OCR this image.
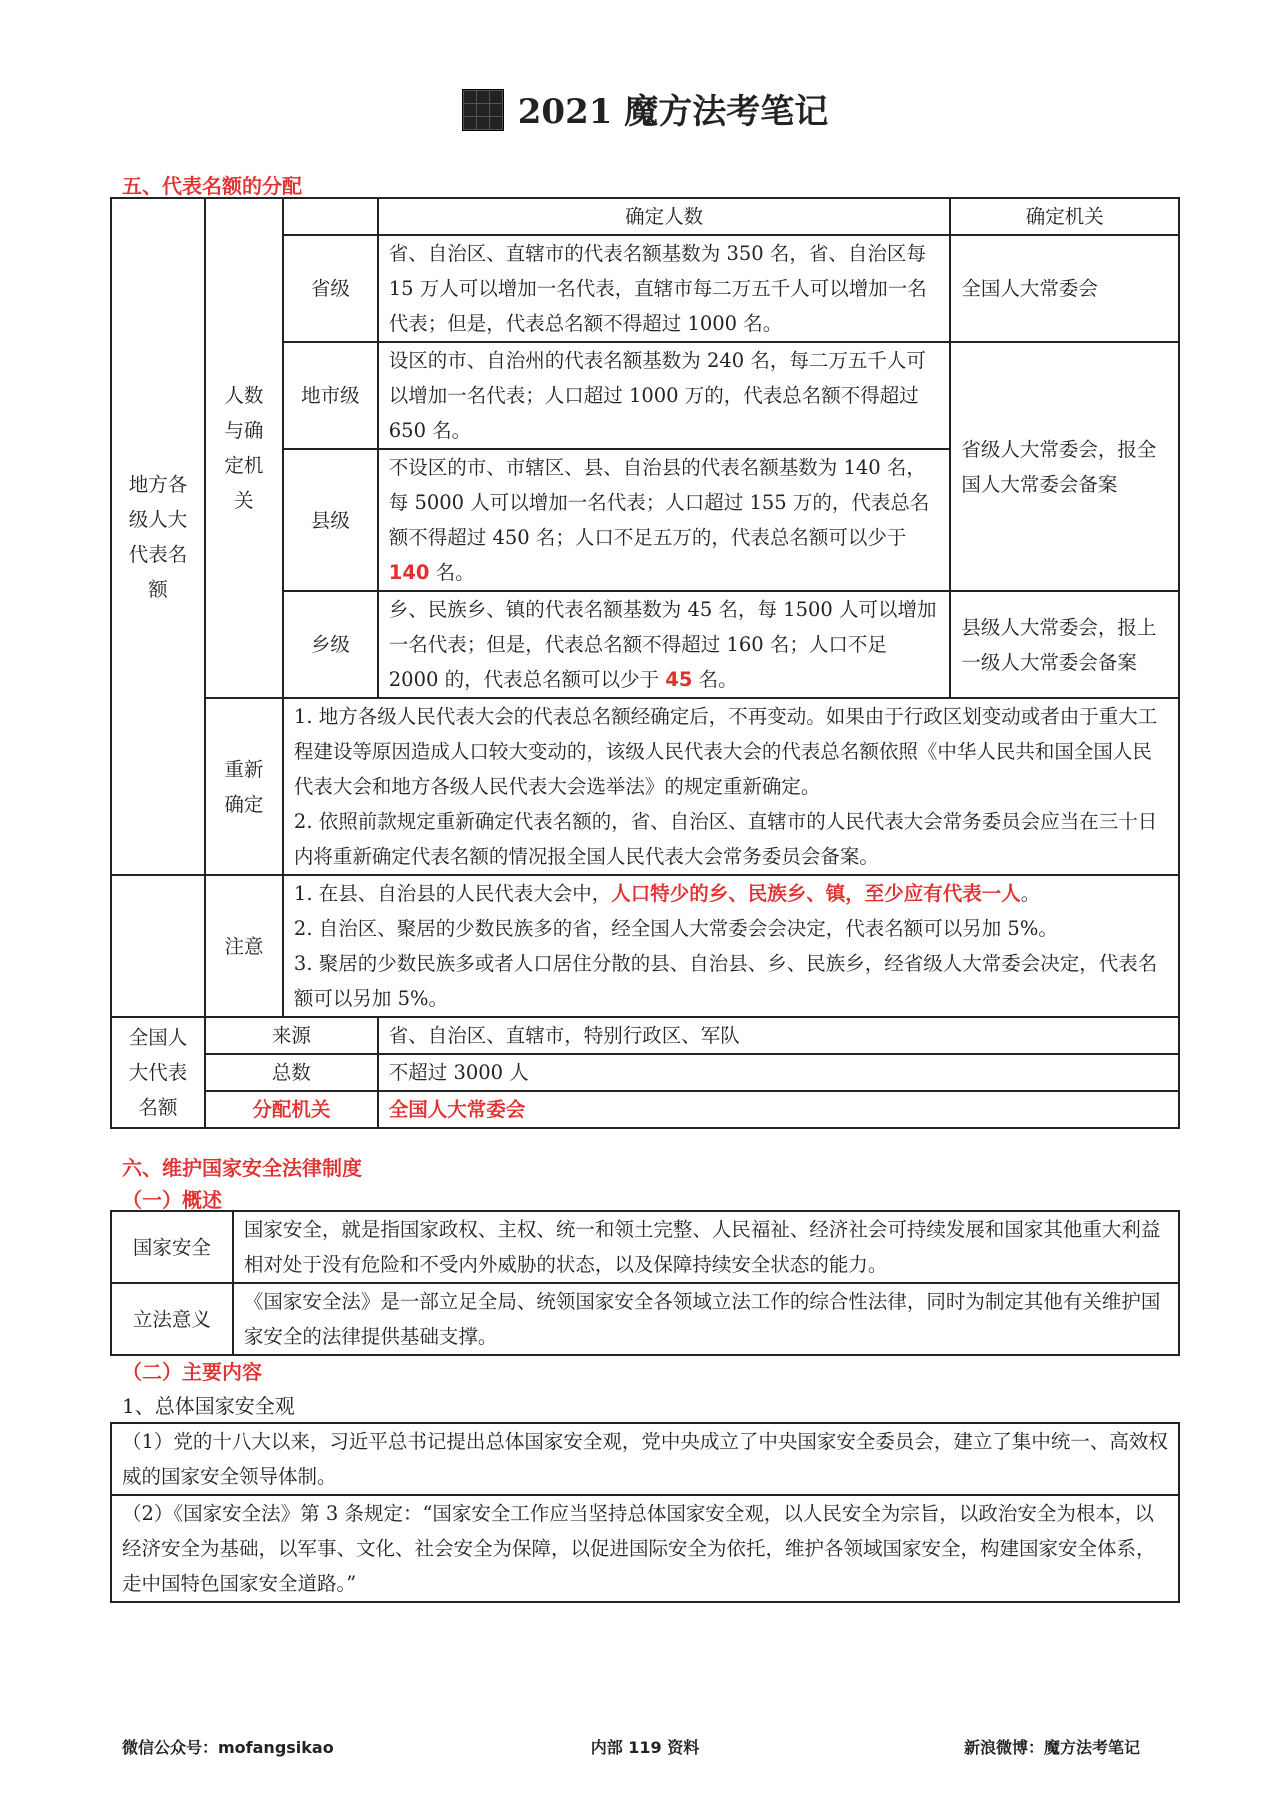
2021 魔方法考笔记
五、代表名额的分配
地方各级人大代表名额	人数与确定机关		确定人数	确定机关
		省级	省、自治区、直辖市的代表名额基数为 350 名，省、自治区每 15 万人可以增加一名代表，直辖市每二万五千人可以增加一名代表；但是，代表总名额不得超过 1000 名。	全国人大常委会
		地市级	设区的市、自治州的代表名额基数为 240 名，每二万五千人可以增加一名代表；人口超过 1000 万的，代表总名额不得超过 650 名。	省级人大常委会，报全国人大常委会备案
		县级	不设区的市、市辖区、县、自治县的代表名额基数为 140 名，每 5000 人可以增加一名代表；人口超过 155 万的，代表总名额不得超过 450 名；人口不足五万的，代表总名额可以少于 140 名。	
		乡级	乡、民族乡、镇的代表名额基数为 45 名，每 1500 人可以增加一名代表；但是，代表总名额不得超过 160 名；人口不足 2000 的，代表总名额可以少于 45 名。	县级人大常委会，报上一级人大常委会备案

	重新确定	1. 地方各级人民代表大会的代表总名额经确定后，不再变动。如果由于行政区划变动或者由于重大工程建设等原因造成人口较大变动的，该级人民代表大会的代表总名额依照《中华人民共和国全国人民代表大会和地方各级人民代表大会选举法》的规定重新确定。
2. 依照前款规定重新确定代表名额的，省、自治区、直辖市的人民代表大会常务委员会应当在三十日内将重新确定代表名额的情况报全国人民代表大会常务委员会备案。		

	注意	1. 在县、自治县的人民代表大会中，人口特少的乡、民族乡、镇，至少应有代表一人。
2. 自治区、聚居的少数民族多的省，经全国人大常委会会决定，代表名额可以另加 5%。
3. 聚居的少数民族多或者人口居住分散的县、自治县、乡、民族乡，经省级人大常委会决定，代表名额可以另加 5%。		

全国人大代表名额	来源		省、自治区、直辖市，特别行政区、军队	
	总数		不超过 3000 人	
	分配机关		全国人大常委会	
六、维护国家安全法律制度
（一）概述
国家安全	国家安全，就是指国家政权、主权、统一和领土完整、人民福祉、经济社会可持续发展和国家其他重大利益相对处于没有危险和不受内外威胁的状态，以及保障持续安全状态的能力。
立法意义	《国家安全法》是一部立足全局、统领国家安全各领域立法工作的综合性法律，同时为制定其他有关维护国家安全的法律提供基础支撑。
（二）主要内容
1、总体国家安全观
（1）党的十八大以来，习近平总书记提出总体国家安全观，党中央成立了中央国家安全委员会，建立了集中统一、高效权威的国家安全领导体制。
（2）《国家安全法》第 3 条规定：“国家安全工作应当坚持总体国家安全观，以人民安全为宗旨，以政治安全为根本，以经济安全为基础，以军事、文化、社会安全为保障，以促进国际安全为依托，维护各领域国家安全，构建国家安全体系，走中国特色国家安全道路。”
微信公众号：mofangsikao	内部 119 资料	新浪微博：魔方法考笔记
